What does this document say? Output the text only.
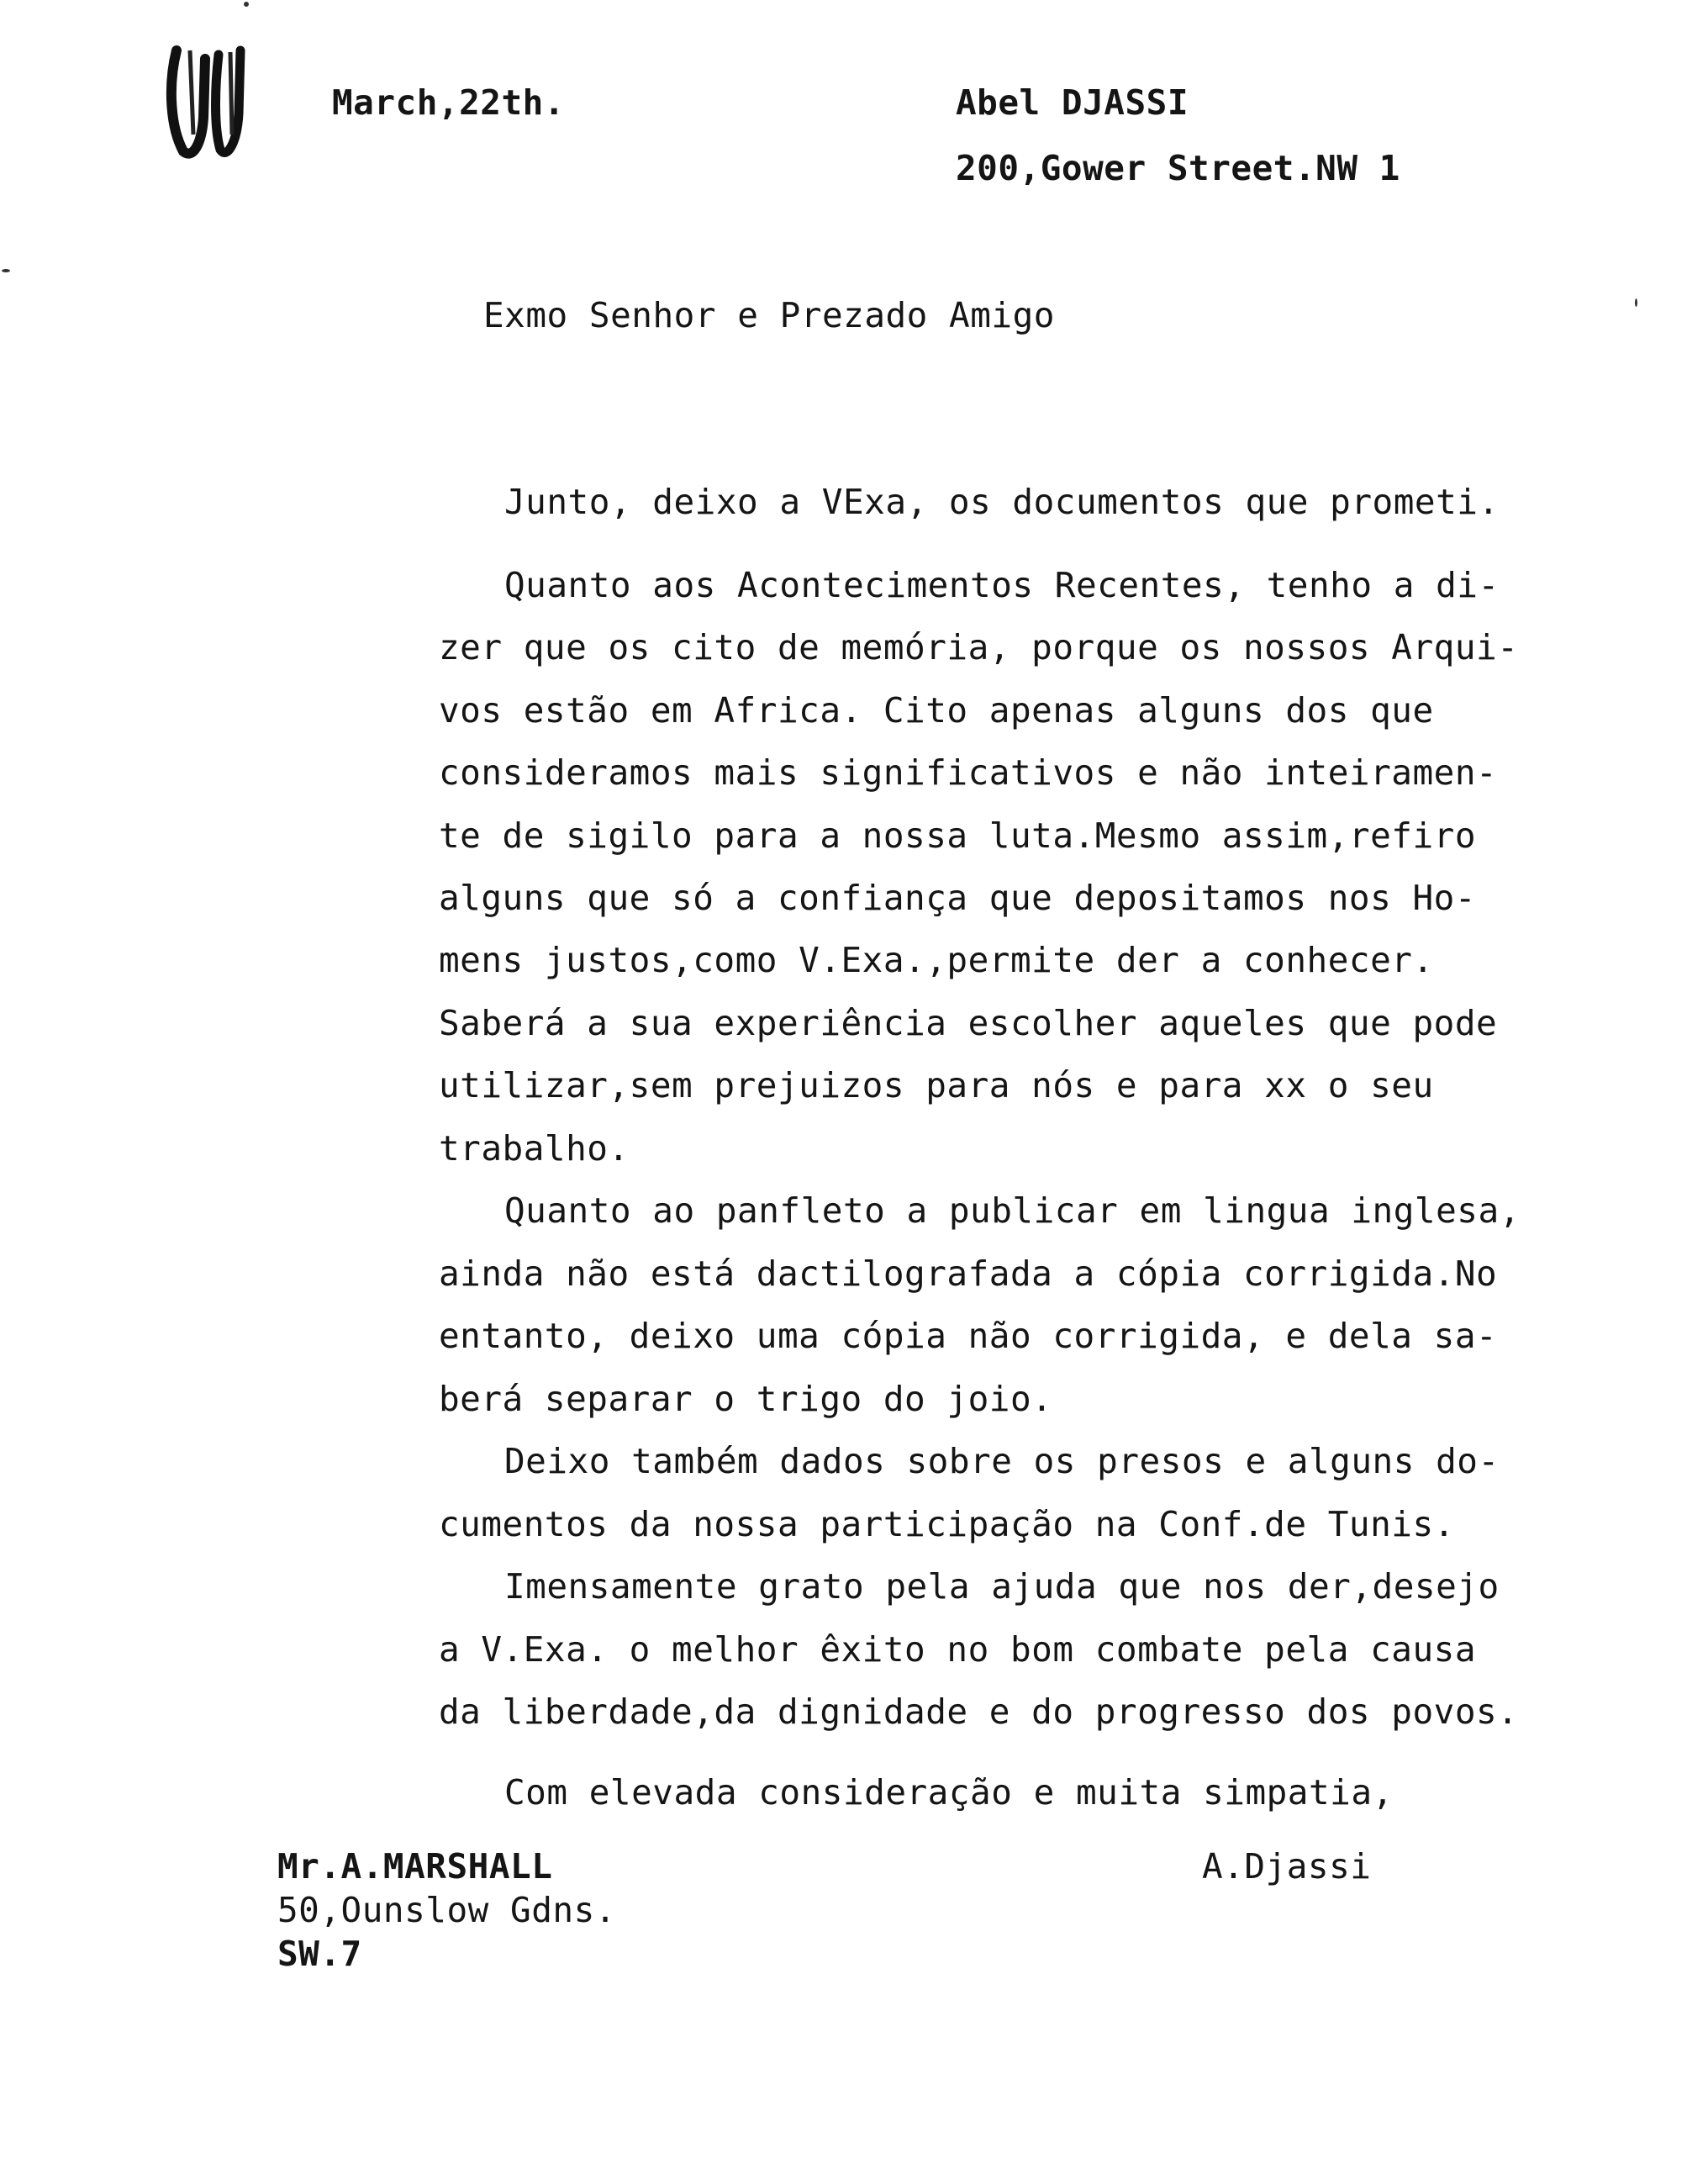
March,22th.	Abel DJASSI
200,Gower Street.NW 1
Exmo Senhor e Prezado Amigo
Junto, deixo a VExa, os documentos que prometi.
Quanto aos Acontecimentos Recentes, tenho a di-
zer que os cito de memória, porque os nossos Arqui-
vos estão em Africa. Cito apenas alguns dos que
consideramos mais significativos e não inteiramen-
te de sigilo para a nossa luta.Mesmo assim,refiro
alguns que só a confiança que depositamos nos Ho-
mens justos,como V.Exa.,permite der a conhecer.
Saberá a sua experiência escolher aqueles que pode
utilizar,sem prejuizos para nós e para xx o seu
trabalho.
Quanto ao panfleto a publicar em lingua inglesa,
ainda não está dactilografada a cópia corrigida.No
entanto, deixo uma cópia não corrigida, e dela sa-
berá separar o trigo do joio.
Deixo também dados sobre os presos e alguns do-
cumentos da nossa participação na Conf.de Tunis.
Imensamente grato pela ajuda que nos der,desejo
a V.Exa. o melhor êxito no bom combate pela causa
da liberdade,da dignidade e do progresso dos povos.
Com elevada consideração e muita simpatia,
A.Djassi
Mr.A.MARSHALL
50,Ounslow Gdns.
SW.7
